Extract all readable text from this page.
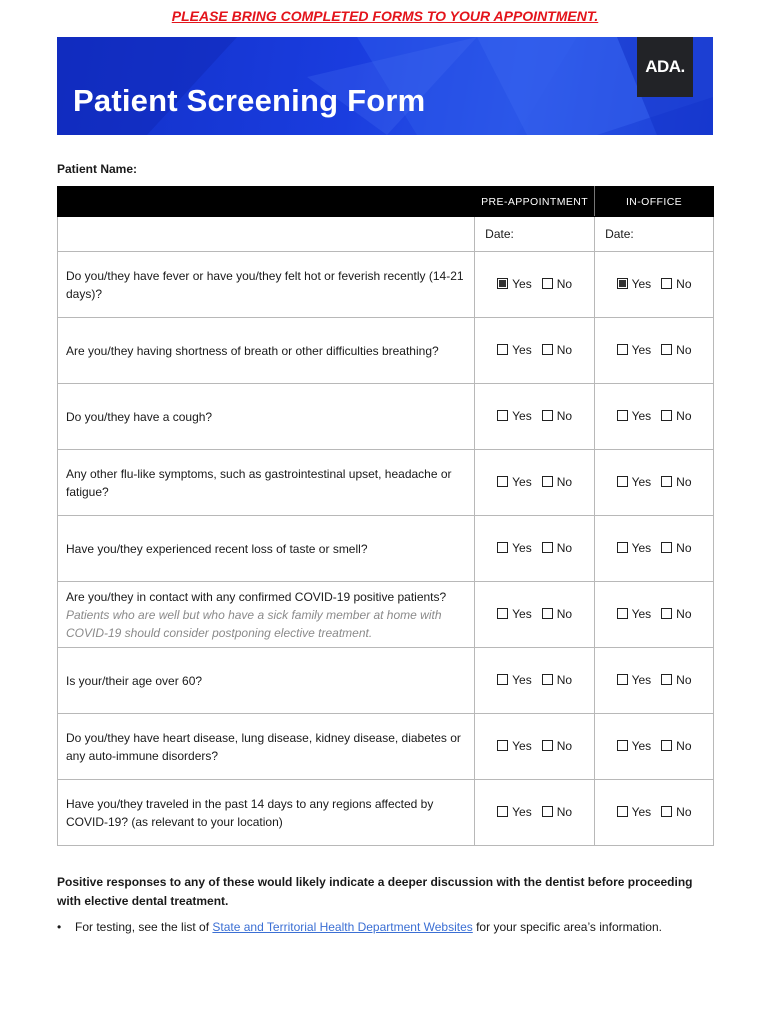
PLEASE BRING COMPLETED FORMS TO YOUR APPOINTMENT.
Patient Screening Form
ADA.
Patient Name:
	PRE-APPOINTMENT	IN-OFFICE
	Date:	Date:
Do you/they have fever or have you/they felt hot or feverish recently (14-21 days)?	Yes No	Yes No

Are you/they having shortness of breath or other difficulties breathing?	Yes No	Yes No

Do you/they have a cough?	Yes No	Yes No

Any other flu-like symptoms, such as gastrointestinal upset, headache or fatigue?	Yes No	Yes No

Have you/they experienced recent loss of taste or smell?	Yes No	Yes No

Are you/they in contact with any confirmed COVID-19 positive patients?
Patients who are well but who have a sick family member at home with COVID-19 should consider postponing elective treatment.	Yes No	Yes No

Is your/their age over 60?	Yes No	Yes No

Do you/they have heart disease, lung disease, kidney disease, diabetes or any auto-immune disorders?	Yes No	Yes No

Have you/they traveled in the past 14 days to any regions affected by COVID-19? (as relevant to your location)	Yes No	Yes No
Positive responses to any of these would likely indicate a deeper discussion with the dentist before proceeding with elective dental treatment.
• For testing, see the list of State and Territorial Health Department Websites for your specific area’s information.
